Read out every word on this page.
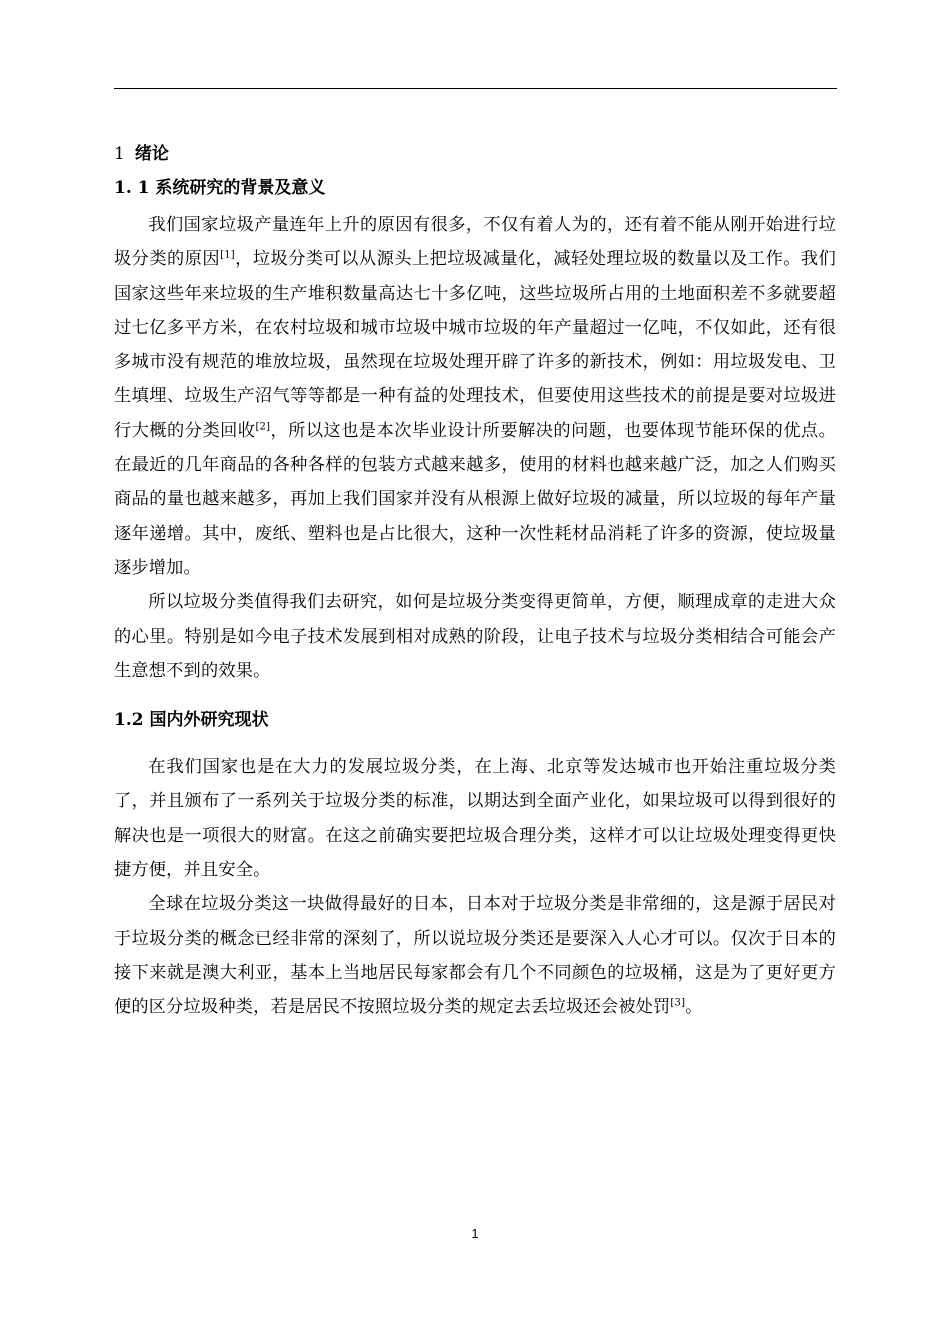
1 绪论
1. 1 系统研究的背景及意义

我们国家垃圾产量连年上升的原因有很多，不仅有着人为的，还有着不能从刚开始进行垃圾分类的原因[1]，垃圾分类可以从源头上把垃圾减量化，减轻处理垃圾的数量以及工作。我们国家这些年来垃圾的生产堆积数量高达七十多亿吨，这些垃圾所占用的土地面积差不多就要超过七亿多平方米，在农村垃圾和城市垃圾中城市垃圾的年产量超过一亿吨，不仅如此，还有很多城市没有规范的堆放垃圾，虽然现在垃圾处理开辟了许多的新技术，例如：用垃圾发电、卫生填埋、垃圾生产沼气等等都是一种有益的处理技术，但要使用这些技术的前提是要对垃圾进行大概的分类回收[2]，所以这也是本次毕业设计所要解决的问题，也要体现节能环保的优点。在最近的几年商品的各种各样的包装方式越来越多，使用的材料也越来越广泛，加之人们购买商品的量也越来越多，再加上我们国家并没有从根源上做好垃圾的减量，所以垃圾的每年产量逐年递增。其中，废纸、塑料也是占比很大，这种一次性耗材品消耗了许多的资源，使垃圾量逐步增加。

所以垃圾分类值得我们去研究，如何是垃圾分类变得更简单，方便，顺理成章的走进大众的心里。特别是如今电子技术发展到相对成熟的阶段，让电子技术与垃圾分类相结合可能会产生意想不到的效果。

1.2 国内外研究现状

在我们国家也是在大力的发展垃圾分类，在上海、北京等发达城市也开始注重垃圾分类了，并且颁布了一系列关于垃圾分类的标准，以期达到全面产业化，如果垃圾可以得到很好的解决也是一项很大的财富。在这之前确实要把垃圾合理分类，这样才可以让垃圾处理变得更快捷方便，并且安全。

全球在垃圾分类这一块做得最好的日本，日本对于垃圾分类是非常细的，这是源于居民对于垃圾分类的概念已经非常的深刻了，所以说垃圾分类还是要深入人心才可以。仅次于日本的接下来就是澳大利亚，基本上当地居民每家都会有几个不同颜色的垃圾桶，这是为了更好更方便的区分垃圾种类，若是居民不按照垃圾分类的规定去丢垃圾还会被处罚[3]。

1
